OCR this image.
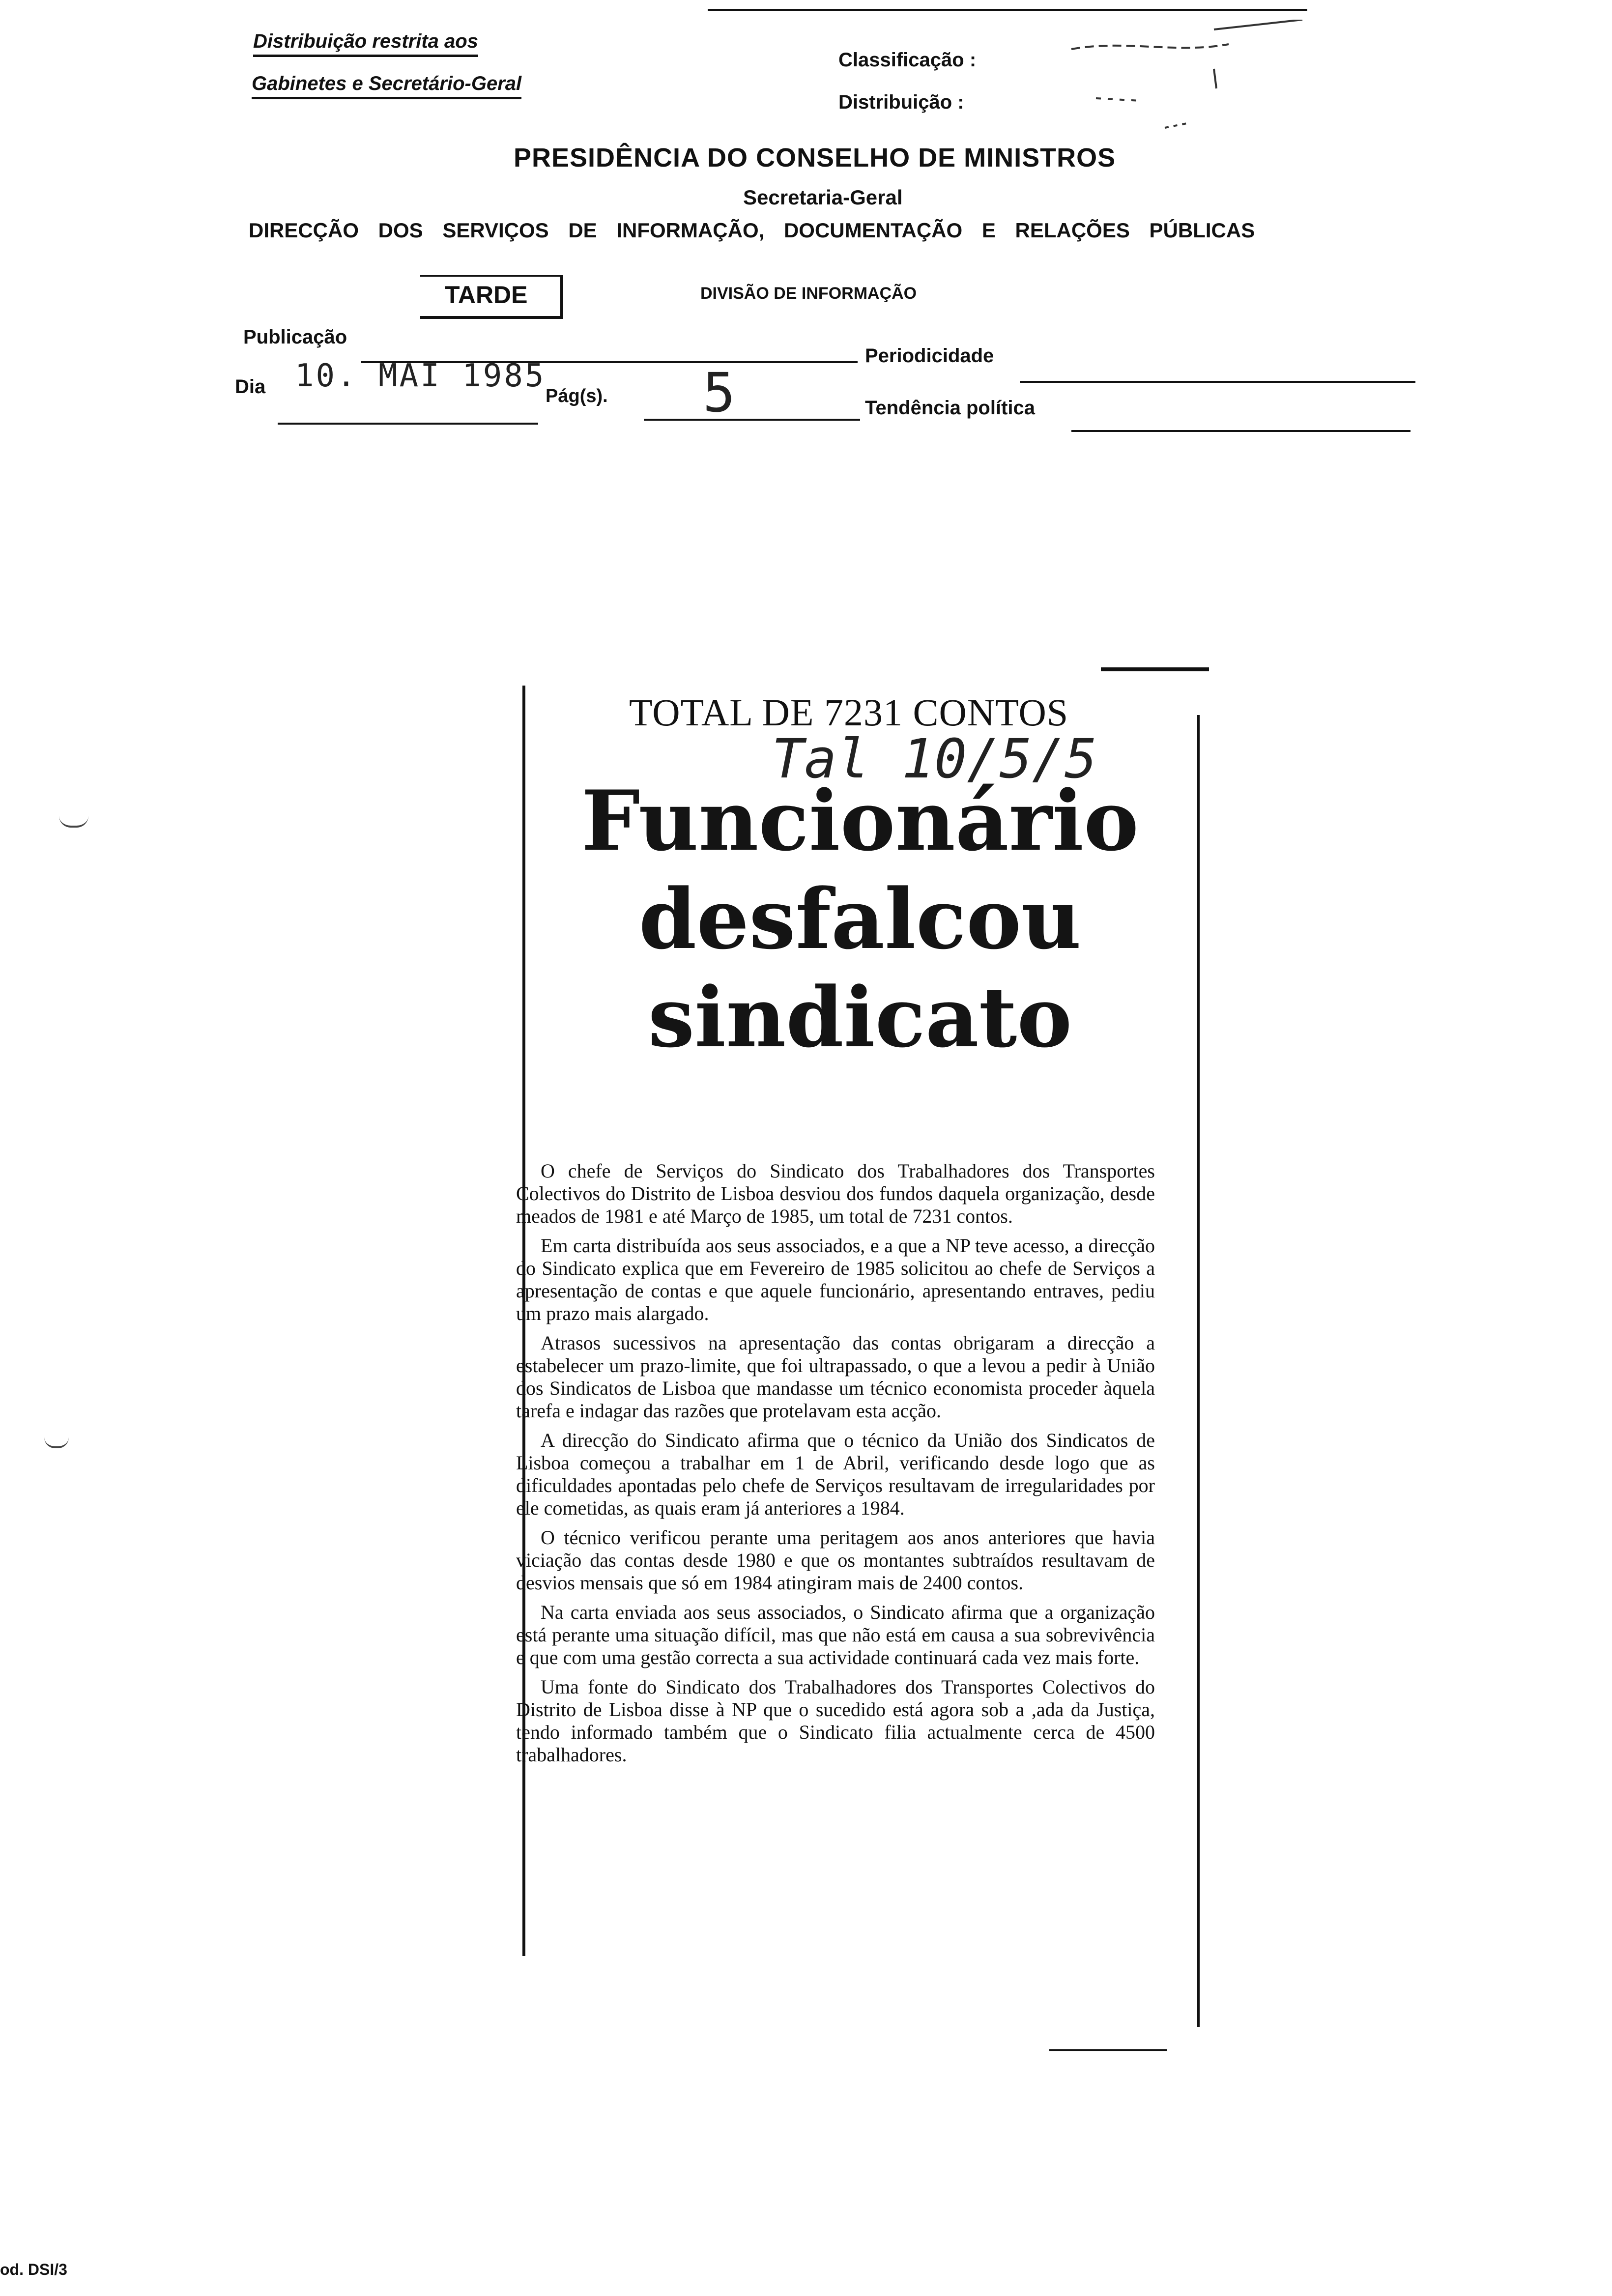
Distribuição restrita aos
Gabinetes e Secretário-Geral
Classificação :
Distribuição :
PRESIDÊNCIA DO CONSELHO DE MINISTROS
Secretaria-Geral
DIRECÇÃO DOS SERVIÇOS DE INFORMAÇÃO, DOCUMENTAÇÃO E RELAÇÕES PÚBLICAS
TARDE	DIVISÃO DE INFORMAÇÃO
Publicação
Periodicidade
Dia 10. MAI 1985
Pág(s). 5	Tendência política
TOTAL DE 7231 CONTOS
Tal 10/5/5

Funcionário

desfalcou

sindicato

O chefe de Serviços do Sindicato dos Trabalhadores dos Transportes Colectivos do Distrito de Lisboa desviou dos fundos daquela organização, desde meados de 1981 e até Março de 1985, um total de 7231 contos.

Em carta distribuída aos seus associados, e a que a NP teve acesso, a direcção do Sindicato explica que em Fevereiro de 1985 solicitou ao chefe de Serviços a apresentação de contas e que aquele funcionário, apresentando entraves, pediu um prazo mais alargado.

Atrasos sucessivos na apresentação das contas obrigaram a direcção a estabelecer um prazo-limite, que foi ultrapassado, o que a levou a pedir à União dos Sindicatos de Lisboa que mandasse um técnico economista proceder àquela tarefa e indagar das razões que protelavam esta acção.

A direcção do Sindicato afirma que o técnico da União dos Sindicatos de Lisboa começou a trabalhar em 1 de Abril, verificando desde logo que as dificuldades apontadas pelo chefe de Serviços resultavam de irregularidades por ele cometidas, as quais eram já anteriores a 1984.

O técnico verificou perante uma peritagem aos anos anteriores que havia viciação das contas desde 1980 e que os montantes subtraídos resultavam de desvios mensais que só em 1984 atingiram mais de 2400 contos.

Na carta enviada aos seus associados, o Sindicato afirma que a organização está perante uma situação difícil, mas que não está em causa a sua sobrevivência e que com uma gestão correcta a sua actividade continuará cada vez mais forte.

Uma fonte do Sindicato dos Trabalhadores dos Transportes Colectivos do Distrito de Lisboa disse à NP que o sucedido está agora sob a ,ada da Justiça, tendo informado também que o Sindicato filia actualmente cerca de 4500 trabalhadores.

od. DSI/3
